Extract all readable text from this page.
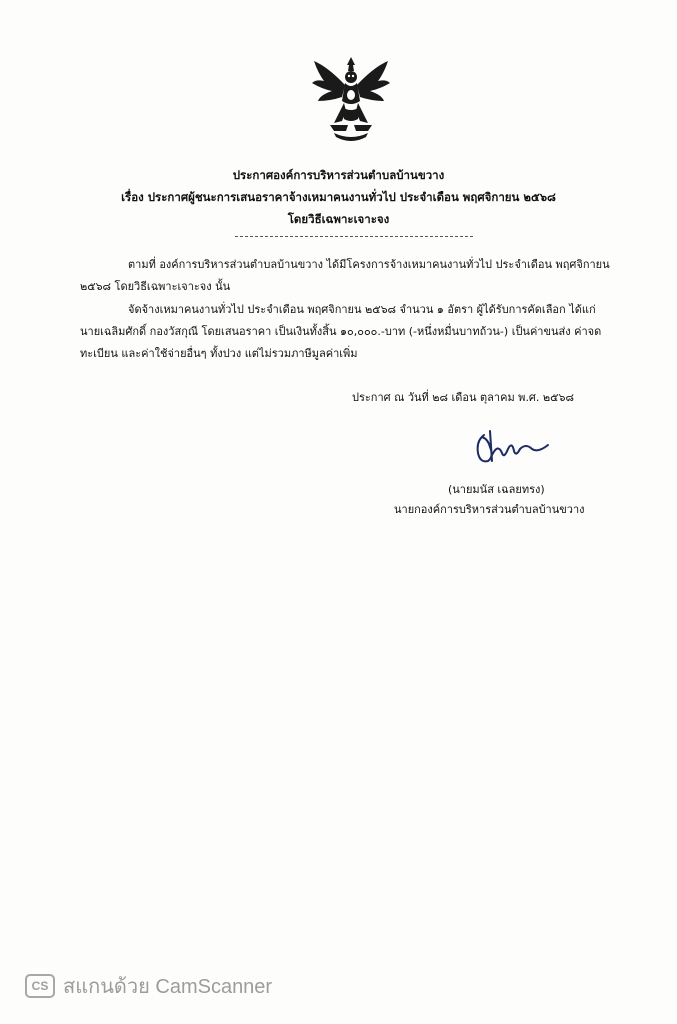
ประกาศองค์การบริหารส่วนตำบลบ้านขวาง
เรื่อง ประกาศผู้ชนะการเสนอราคาจ้างเหมาคนงานทั่วไป ประจำเดือน พฤศจิกายน ๒๕๖๘
โดยวิธีเฉพาะเจาะจง
ตามที่ องค์การบริหารส่วนตำบลบ้านขวาง ได้มีโครงการจ้างเหมาคนงานทั่วไป ประจำเดือน พฤศจิกายน
๒๕๖๘ โดยวิธีเฉพาะเจาะจง นั้น
จัดจ้างเหมาคนงานทั่วไป ประจำเดือน พฤศจิกายน ๒๕๖๘ จำนวน ๑ อัตรา ผู้ได้รับการคัดเลือก ได้แก่
นายเฉลิมศักดิ์ กองวัสกุณี โดยเสนอราคา เป็นเงินทั้งสิ้น ๑๐,๐๐๐.-บาท (-หนึ่งหมื่นบาทถ้วน-) เป็นค่าขนส่ง ค่าจด
ทะเบียน และค่าใช้จ่ายอื่นๆ ทั้งปวง แต่ไม่รวมภาษีมูลค่าเพิ่ม
ประกาศ ณ วันที่ ๒๘ เดือน ตุลาคม พ.ศ. ๒๕๖๘
(นายมนัส เฉลยทรง)
นายกองค์การบริหารส่วนตำบลบ้านขวาง
CS สแกนด้วย CamScanner
